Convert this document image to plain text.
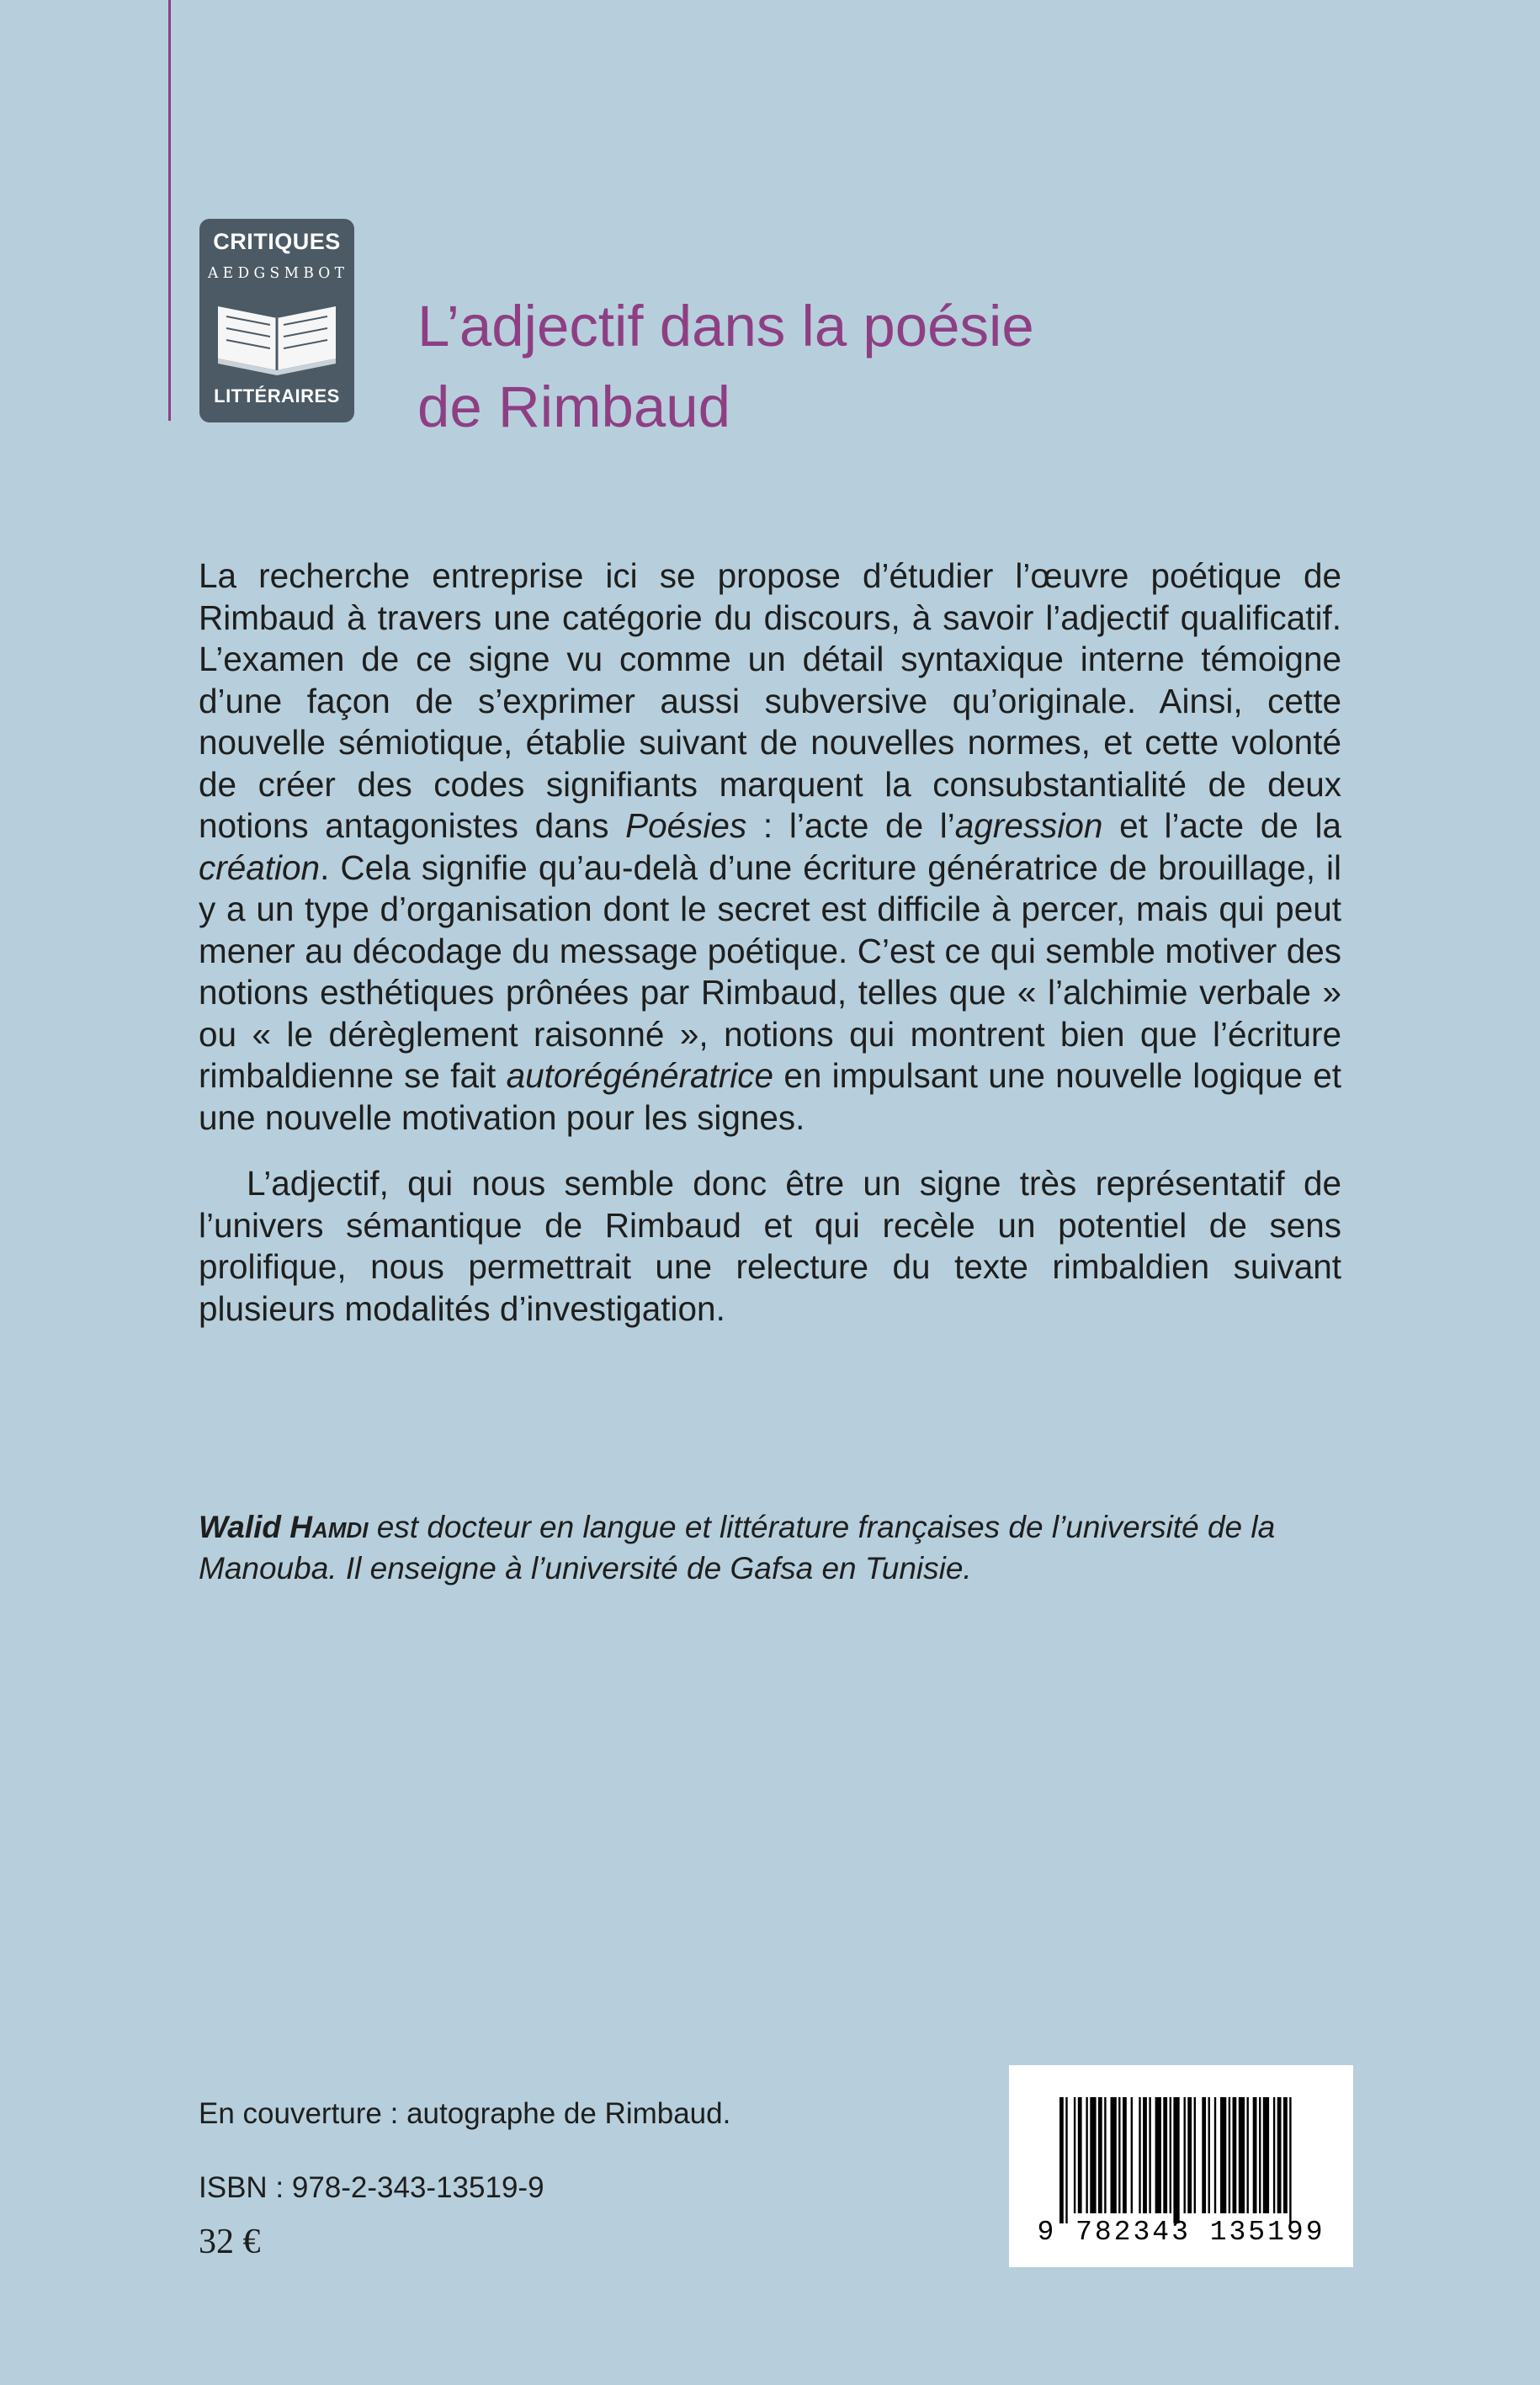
CRITIQUES
A E D G S M B O T
LITTÉRAIRES
L’adjectif dans la poésie
de Rimbaud

La recherche entreprise ici se propose d’étudier l’œuvre poétique de Rimbaud à travers une catégorie du discours, à savoir l’adjectif qualificatif. L’examen de ce signe vu comme un détail syntaxique interne témoigne d’une façon de s’exprimer aussi subversive qu’originale. Ainsi, cette nouvelle sémiotique, établie suivant de nouvelles normes, et cette volonté de créer des codes signifiants marquent la consubstantialité de deux notions antagonistes dans Poésies : l’acte de l’agression et l’acte de la création. Cela signifie qu’au-delà d’une écriture génératrice de brouillage, il y a un type d’organisation dont le secret est difficile à percer, mais qui peut mener au décodage du message poétique. C’est ce qui semble motiver des notions esthétiques prônées par Rimbaud, telles que « l’alchimie verbale » ou « le dérèglement raisonné », notions qui montrent bien que l’écriture rimbaldienne se fait autorégénératrice en impulsant une nouvelle logique et une nouvelle motivation pour les signes.

L’adjectif, qui nous semble donc être un signe très représentatif de l’univers sémantique de Rimbaud et qui recèle un potentiel de sens prolifique, nous permettrait une relecture du texte rimbaldien suivant plusieurs modalités d’investigation.

Walid Hamdi est docteur en langue et littérature françaises de l’université de la Manouba. Il enseigne à l’université de Gafsa en Tunisie.
En couverture : autographe de Rimbaud.
ISBN : 978-2-343-13519-9
32 €	9 782343 135199
